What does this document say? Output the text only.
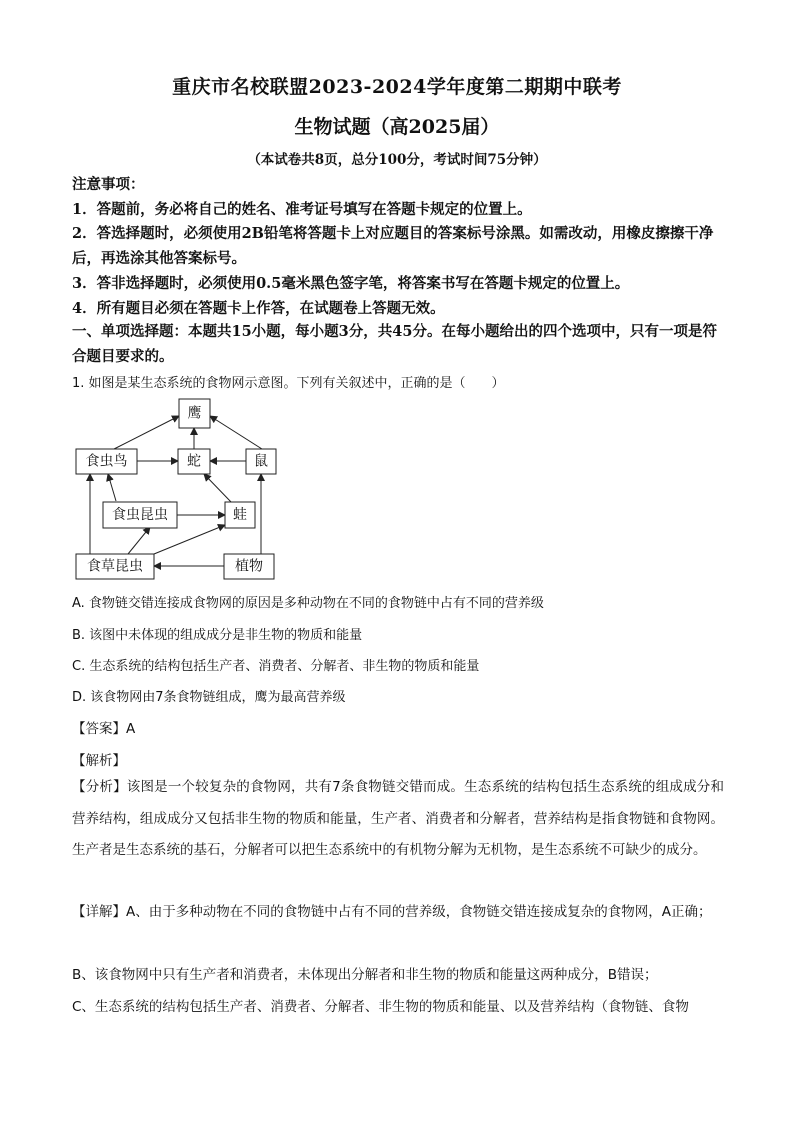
重庆市名校联盟2023-2024学年度第二期期中联考
生物试题（高2025届）
（本试卷共8页，总分100分，考试时间75分钟）
注意事项：
1．答题前，务必将自己的姓名、准考证号填写在答题卡规定的位置上。
2．答选择题时，必须使用2B铅笔将答题卡上对应题目的答案标号涂黑。如需改动，用橡皮擦擦干净后，再选涂其他答案标号。
3．答非选择题时，必须使用0.5毫米黑色签字笔，将答案书写在答题卡规定的位置上。
4．所有题目必须在答题卡上作答，在试题卷上答题无效。
一、单项选择题：本题共15小题，每小题3分，共45分。在每小题给出的四个选项中，只有一项是符合题目要求的。
1. 如图是某生态系统的食物网示意图。下列有关叙述中，正确的是（　　）
鹰
食虫鸟	蛇	鼠
食虫昆虫	蛙
食草昆虫	植物
A. 食物链交错连接成食物网的原因是多种动物在不同的食物链中占有不同的营养级
B. 该图中未体现的组成成分是非生物的物质和能量
C. 生态系统的结构包括生产者、消费者、分解者、非生物的物质和能量
D. 该食物网由7条食物链组成，鹰为最高营养级
【答案】A
【解析】
【分析】该图是一个较复杂的食物网，共有7条食物链交错而成。生态系统的结构包括生态系统的组成成分和营养结构，组成成分又包括非生物的物质和能量，生产者、消费者和分解者，营养结构是指食物链和食物网。生产者是生态系统的基石，分解者可以把生态系统中的有机物分解为无机物，是生态系统不可缺少的成分。
【详解】A、由于多种动物在不同的食物链中占有不同的营养级，食物链交错连接成复杂的食物网，A正确；
B、该食物网中只有生产者和消费者，未体现出分解者和非生物的物质和能量这两种成分，B错误；
C、生态系统的结构包括生产者、消费者、分解者、非生物的物质和能量、以及营养结构（食物链、食物
